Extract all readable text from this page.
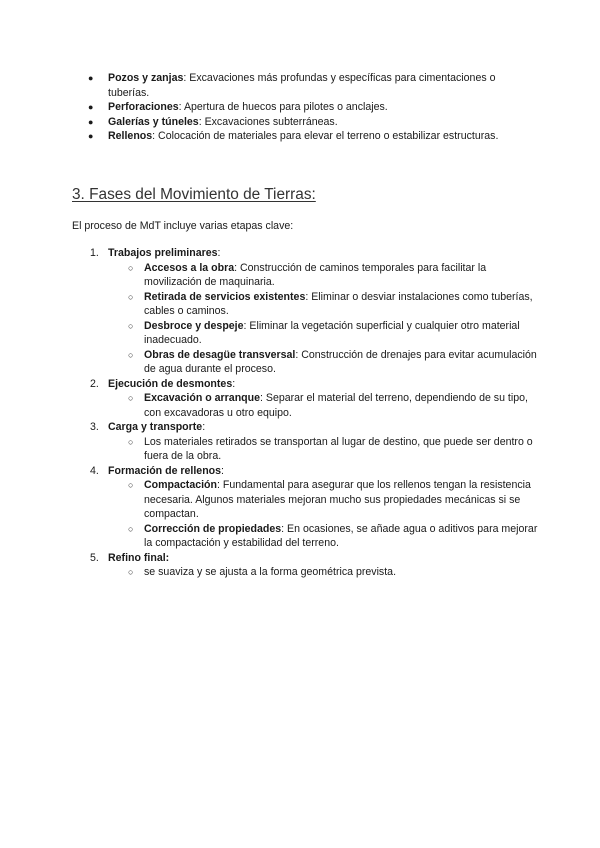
● Pozos y zanjas: Excavaciones más profundas y específicas para cimentaciones o tuberías.
● Perforaciones: Apertura de huecos para pilotes o anclajes.
● Galerías y túneles: Excavaciones subterráneas.
● Rellenos: Colocación de materiales para elevar el terreno o estabilizar estructuras.
3. Fases del Movimiento de Tierras:

El proceso de MdT incluye varias etapas clave:

1. Trabajos preliminares:
○ Accesos a la obra: Construcción de caminos temporales para facilitar la movilización de maquinaria.
○ Retirada de servicios existentes: Eliminar o desviar instalaciones como tuberías, cables o caminos.
○ Desbroce y despeje: Eliminar la vegetación superficial y cualquier otro material inadecuado.
○ Obras de desagüe transversal: Construcción de drenajes para evitar acumulación de agua durante el proceso.
2. Ejecución de desmontes:
○ Excavación o arranque: Separar el material del terreno, dependiendo de su tipo, con excavadoras u otro equipo.
3. Carga y transporte:
○ Los materiales retirados se transportan al lugar de destino, que puede ser dentro o fuera de la obra.
4. Formación de rellenos:
○ Compactación: Fundamental para asegurar que los rellenos tengan la resistencia necesaria. Algunos materiales mejoran mucho sus propiedades mecánicas si se compactan.
○ Corrección de propiedades: En ocasiones, se añade agua o aditivos para mejorar la compactación y estabilidad del terreno.
5. Refino final:
○ se suaviza y se ajusta a la forma geométrica prevista.
